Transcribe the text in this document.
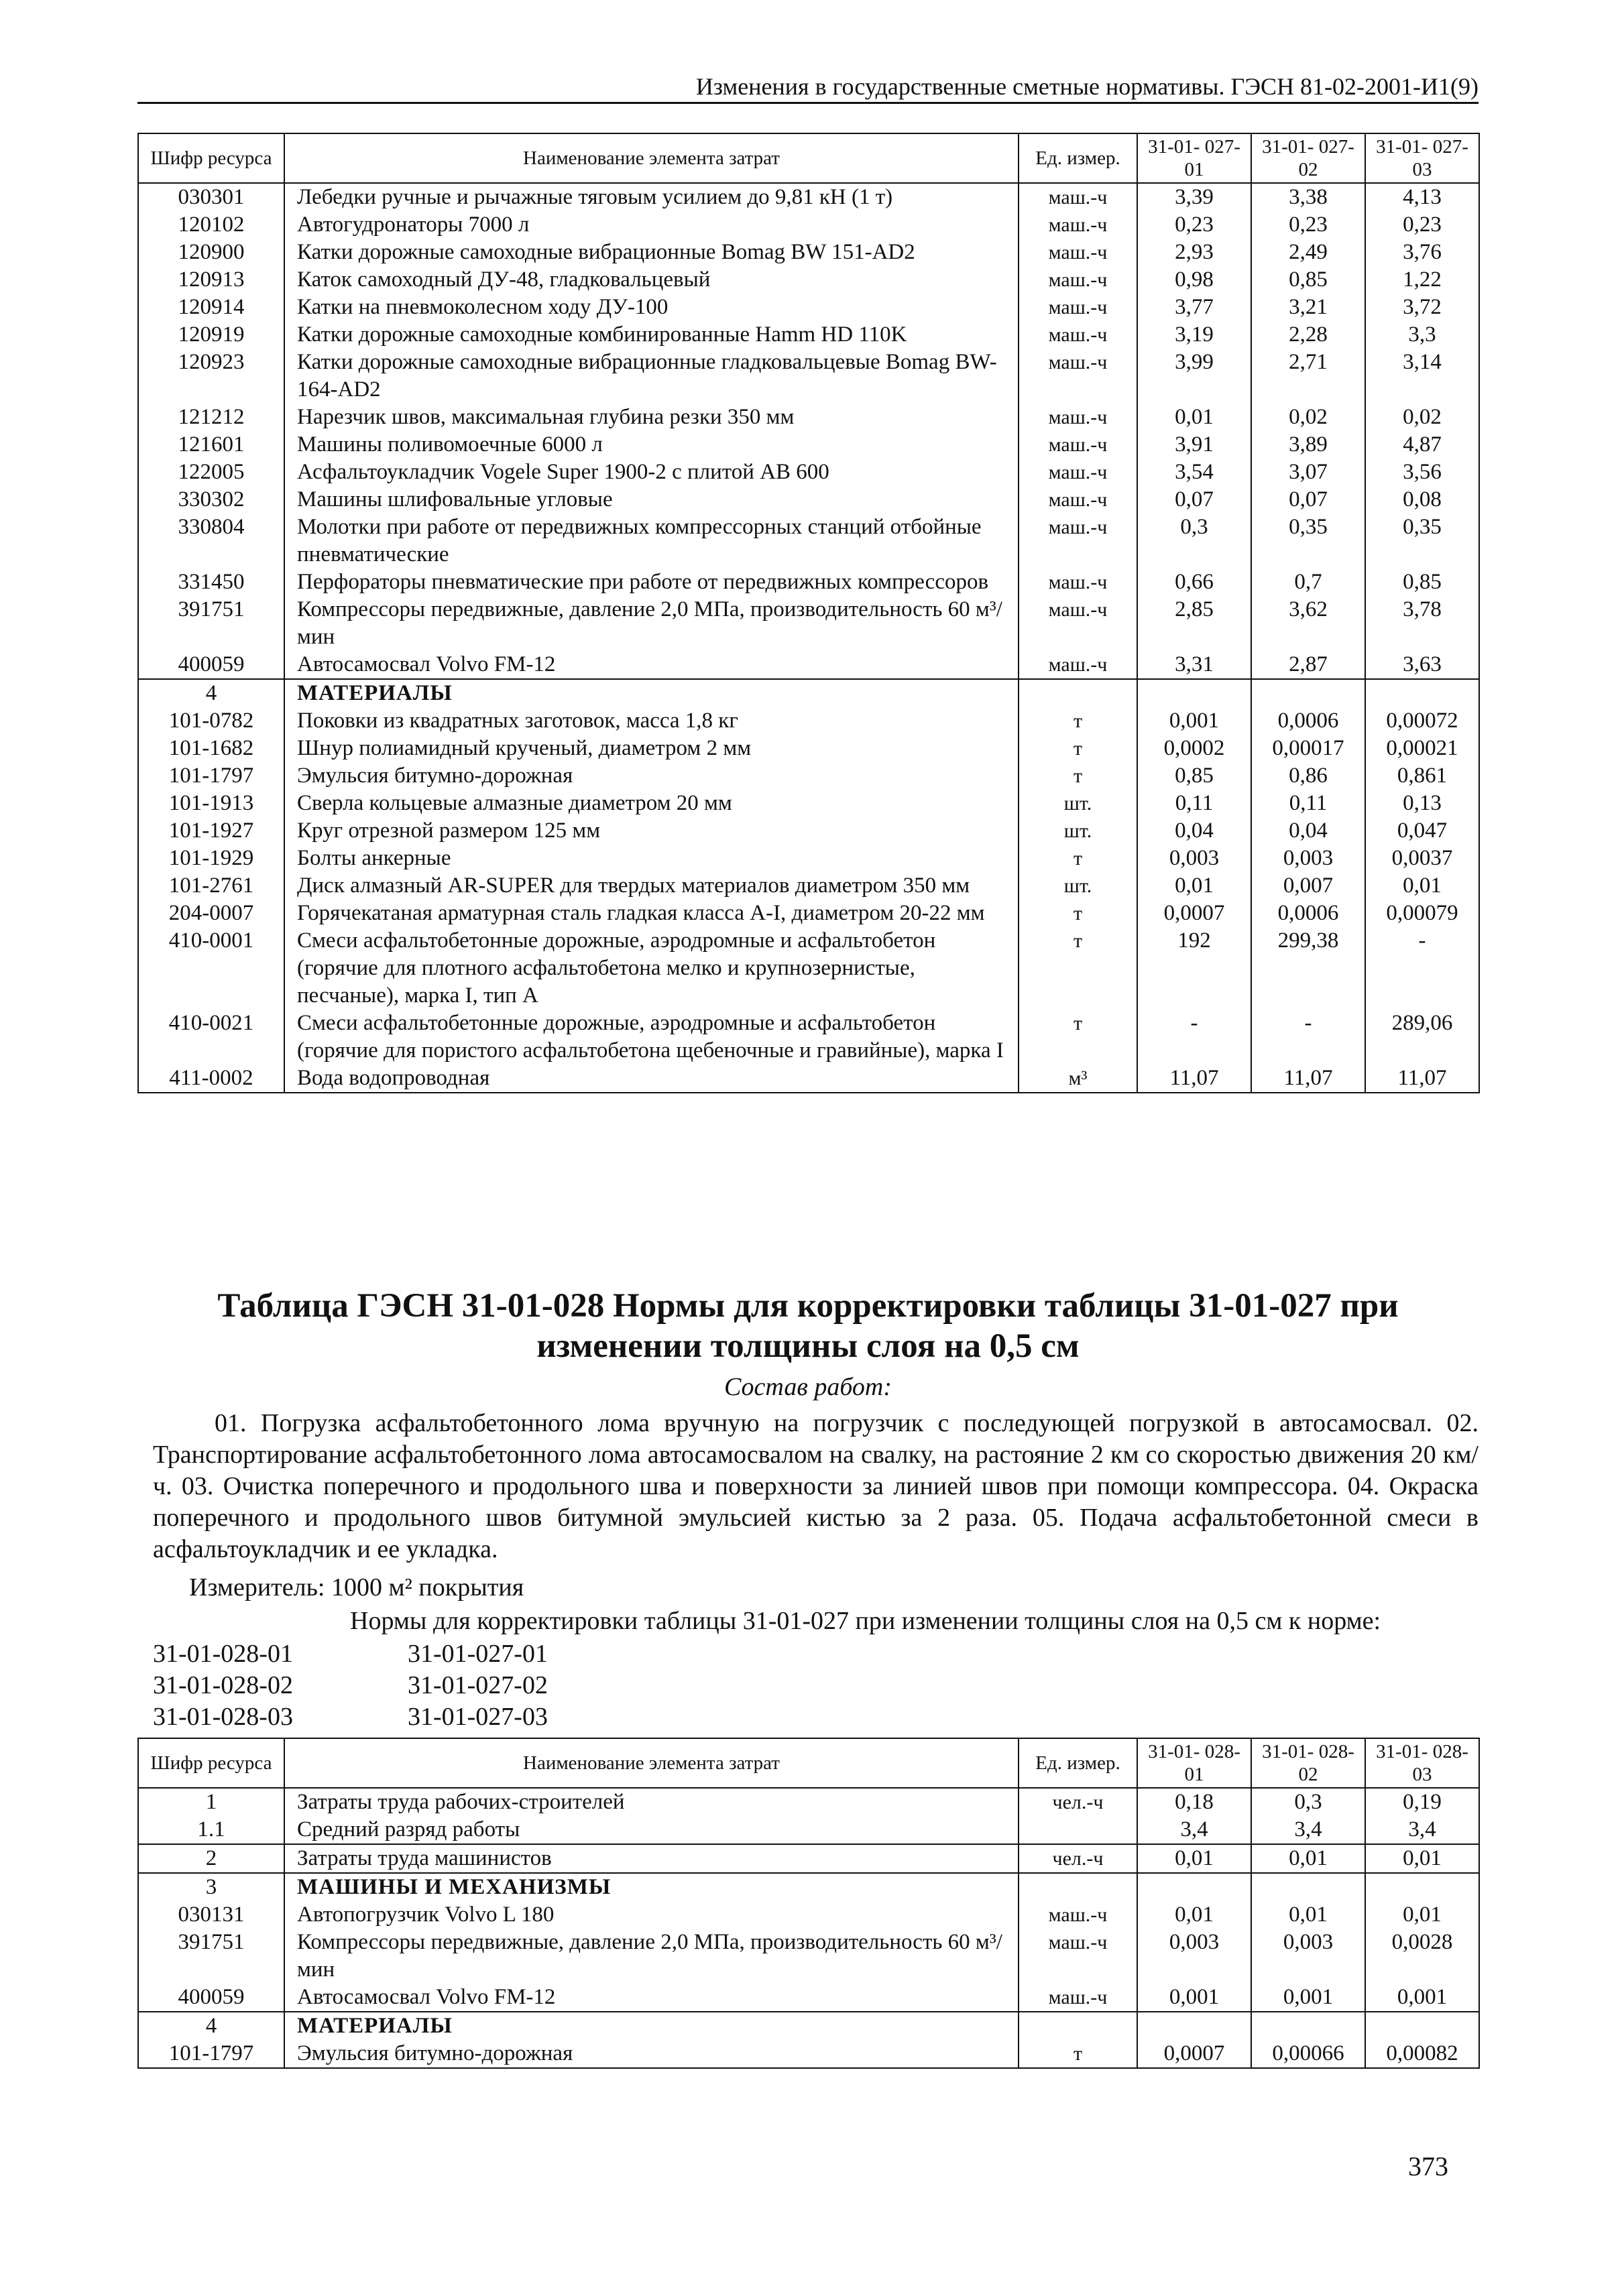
Изменения в государственные сметные нормативы. ГЭСН 81-02-2001-И1(9)
Шифр ресурса	Наименование элемента затрат	Ед. измер.	31-01- 027-01	31-01- 027-02	31-01- 027-03
030301	Лебедки ручные и рычажные тяговым усилием до 9,81 кН (1 т)	маш.-ч	3,39	3,38	4,13
120102	Автогудронаторы 7000 л	маш.-ч	0,23	0,23	0,23
120900	Катки дорожные самоходные вибрационные Bomag BW 151-AD2	маш.-ч	2,93	2,49	3,76
120913	Каток самоходный ДУ-48, гладковальцевый	маш.-ч	0,98	0,85	1,22
120914	Катки на пневмоколесном ходу ДУ-100	маш.-ч	3,77	3,21	3,72
120919	Катки дорожные самоходные комбинированные Hamm HD 110K	маш.-ч	3,19	2,28	3,3
120923	Катки дорожные самоходные вибрационные гладковальцевые Bomag BW-164-AD2	маш.-ч	3,99	2,71	3,14
121212	Нарезчик швов, максимальная глубина резки 350 мм	маш.-ч	0,01	0,02	0,02
121601	Машины поливомоечные 6000 л	маш.-ч	3,91	3,89	4,87
122005	Асфальтоукладчик Vogele Super 1900-2 с плитой AB 600	маш.-ч	3,54	3,07	3,56
330302	Машины шлифовальные угловые	маш.-ч	0,07	0,07	0,08
330804	Молотки при работе от передвижных компрессорных станций отбойные пневматические	маш.-ч	0,3	0,35	0,35
331450	Перфораторы пневматические при работе от передвижных компрессоров	маш.-ч	0,66	0,7	0,85
391751	Компрессоры передвижные, давление 2,0 МПа, производительность 60 м³/мин	маш.-ч	2,85	3,62	3,78
400059	Автосамосвал Volvo FM-12	маш.-ч	3,31	2,87	3,63
4	МАТЕРИАЛЫ				
101-0782	Поковки из квадратных заготовок, масса 1,8 кг	т	0,001	0,0006	0,00072
101-1682	Шнур полиамидный крученый, диаметром 2 мм	т	0,0002	0,00017	0,00021
101-1797	Эмульсия битумно-дорожная	т	0,85	0,86	0,861
101-1913	Сверла кольцевые алмазные диаметром 20 мм	шт.	0,11	0,11	0,13
101-1927	Круг отрезной размером 125 мм	шт.	0,04	0,04	0,047
101-1929	Болты анкерные	т	0,003	0,003	0,0037
101-2761	Диск алмазный AR-SUPER для твердых материалов диаметром 350 мм	шт.	0,01	0,007	0,01
204-0007	Горячекатаная арматурная сталь гладкая класса A-I, диаметром 20-22 мм	т	0,0007	0,0006	0,00079
410-0001	Смеси асфальтобетонные дорожные, аэродромные и асфальтобетон (горячие для плотного асфальтобетона мелко и крупнозернистые, песчаные), марка I, тип А	т	192	299,38	-
410-0021	Смеси асфальтобетонные дорожные, аэродромные и асфальтобетон (горячие для пористого асфальтобетона щебеночные и гравийные), марка I	т	-	-	289,06
411-0002	Вода водопроводная	м³	11,07	11,07	11,07
Таблица ГЭСН 31-01-028 Нормы для корректировки таблицы 31-01-027 при изменении толщины слоя на 0,5 см
Состав работ:

01. Погрузка асфальтобетонного лома вручную на погрузчик с последующей погрузкой в автосамосвал. 02. Транспортирование асфальтобетонного лома автосамосвалом на свалку, на растояние 2 км со скоростью движения 20 км/ч. 03. Очистка поперечного и продольного шва и поверхности за линией швов при помощи компрессора. 04. Окраска поперечного и продольного швов битумной эмульсией кистью за 2 раза. 05. Подача асфальтобетонной смеси в асфальтоукладчик и ее укладка.

Измеритель: 1000 м² покрытия
Нормы для корректировки таблицы 31-01-027 при изменении толщины слоя на 0,5 см к норме:
31-01-028-01	31-01-027-01
31-01-028-02	31-01-027-02
31-01-028-03	31-01-027-03
Шифр ресурса	Наименование элемента затрат	Ед. измер.	31-01- 028-01	31-01- 028-02	31-01- 028-03
1	Затраты труда рабочих-строителей	чел.-ч	0,18	0,3	0,19
1.1	Средний разряд работы		3,4	3,4	3,4
2	Затраты труда машинистов	чел.-ч	0,01	0,01	0,01
3	МАШИНЫ И МЕХАНИЗМЫ				
030131	Автопогрузчик Volvo L 180	маш.-ч	0,01	0,01	0,01
391751	Компрессоры передвижные, давление 2,0 МПа, производительность 60 м³/мин	маш.-ч	0,003	0,003	0,0028
400059	Автосамосвал Volvo FM-12	маш.-ч	0,001	0,001	0,001
4	МАТЕРИАЛЫ				
101-1797	Эмульсия битумно-дорожная	т	0,0007	0,00066	0,00082
373
